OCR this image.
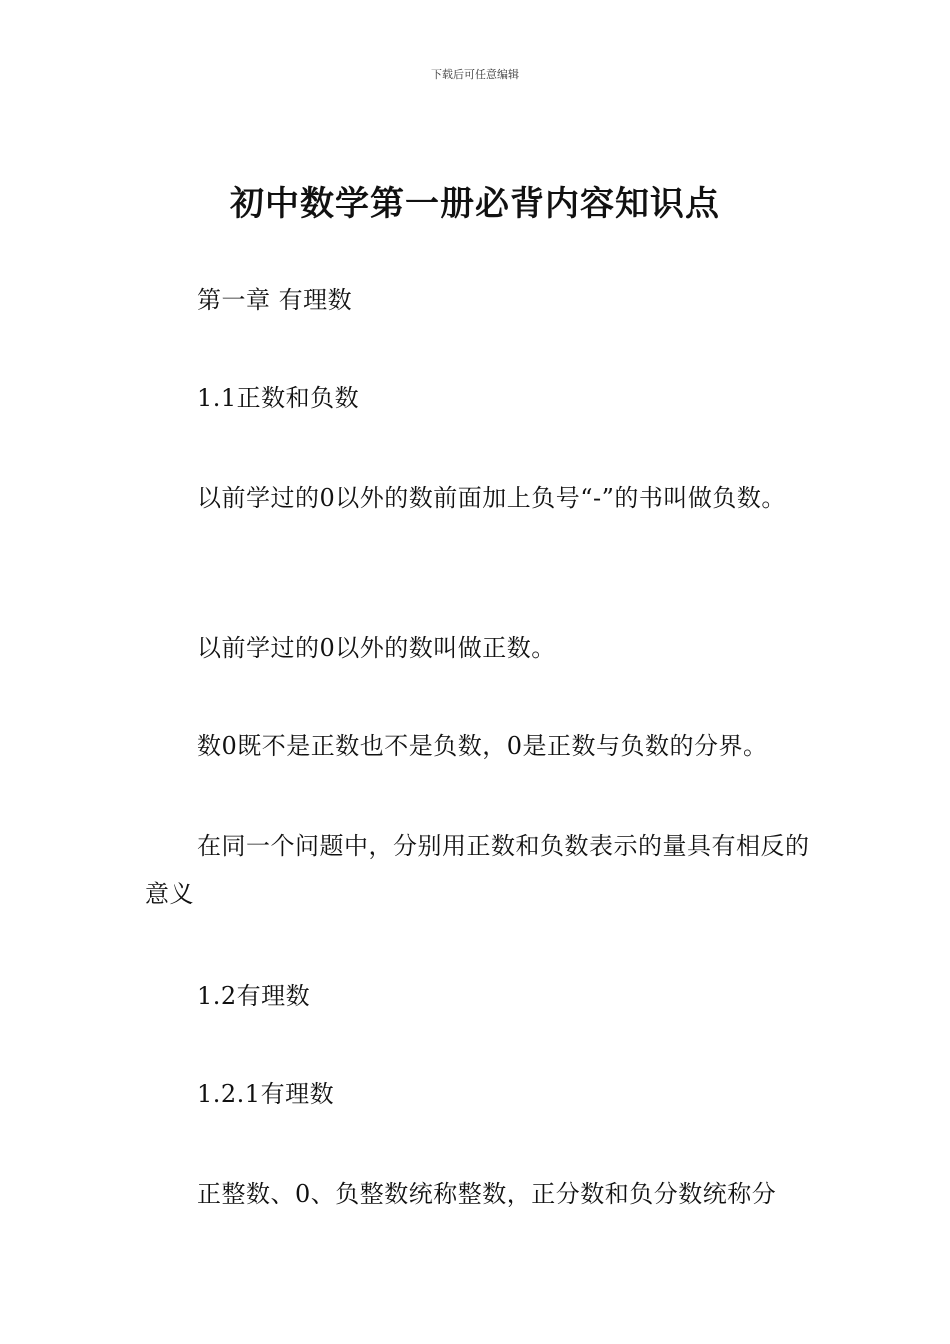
下载后可任意编辑
初中数学第一册必背内容知识点

第一章 有理数

1.1正数和负数

以前学过的0以外的数前面加上负号“-”的书叫做负数。

以前学过的0以外的数叫做正数。

数0既不是正数也不是负数，0是正数与负数的分界。

在同一个问题中，分别用正数和负数表示的量具有相反的意义

1.2有理数

1.2.1有理数

正整数、0、负整数统称整数，正分数和负分数统称分
